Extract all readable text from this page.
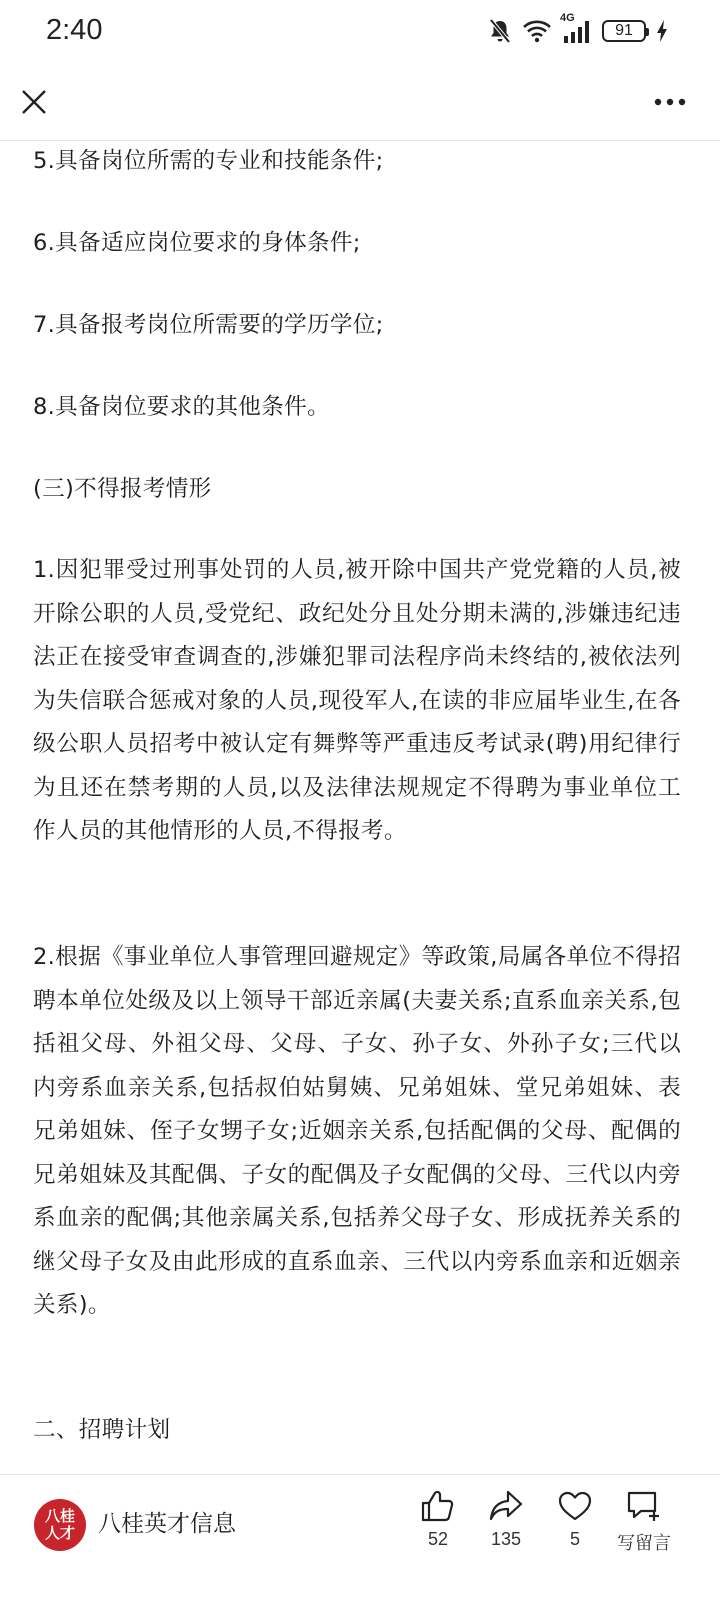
2:40	4G
91

5.具备岗位所需的专业和技能条件;

6.具备适应岗位要求的身体条件;

7.具备报考岗位所需要的学历学位;

8.具备岗位要求的其他条件。

(三)不得报考情形

1.因犯罪受过刑事处罚的人员,被开除中国共产党党籍的人员,被开除公职的人员,受党纪、政纪处分且处分期未满的,涉嫌违纪违法正在接受审查调查的,涉嫌犯罪司法程序尚未终结的,被依法列为失信联合惩戒对象的人员,现役军人,在读的非应届毕业生,在各级公职人员招考中被认定有舞弊等严重违反考试录(聘)用纪律行为且还在禁考期的人员,以及法律法规规定不得聘为事业单位工作人员的其他情形的人员,不得报考。

2.根据《事业单位人事管理回避规定》等政策,局属各单位不得招聘本单位处级及以上领导干部近亲属(夫妻关系;直系血亲关系,包括祖父母、外祖父母、父母、子女、孙子女、外孙子女;三代以内旁系血亲关系,包括叔伯姑舅姨、兄弟姐妹、堂兄弟姐妹、表兄弟姐妹、侄子女甥子女;近姻亲关系,包括配偶的父母、配偶的兄弟姐妹及其配偶、子女的配偶及子女配偶的父母、三代以内旁系血亲的配偶;其他亲属关系,包括养父母子女、形成抚养关系的继父母子女及由此形成的直系血亲、三代以内旁系血亲和近姻亲关系)。

二、招聘计划

八桂
人才 八桂英才信息
52	135	5	写留言
